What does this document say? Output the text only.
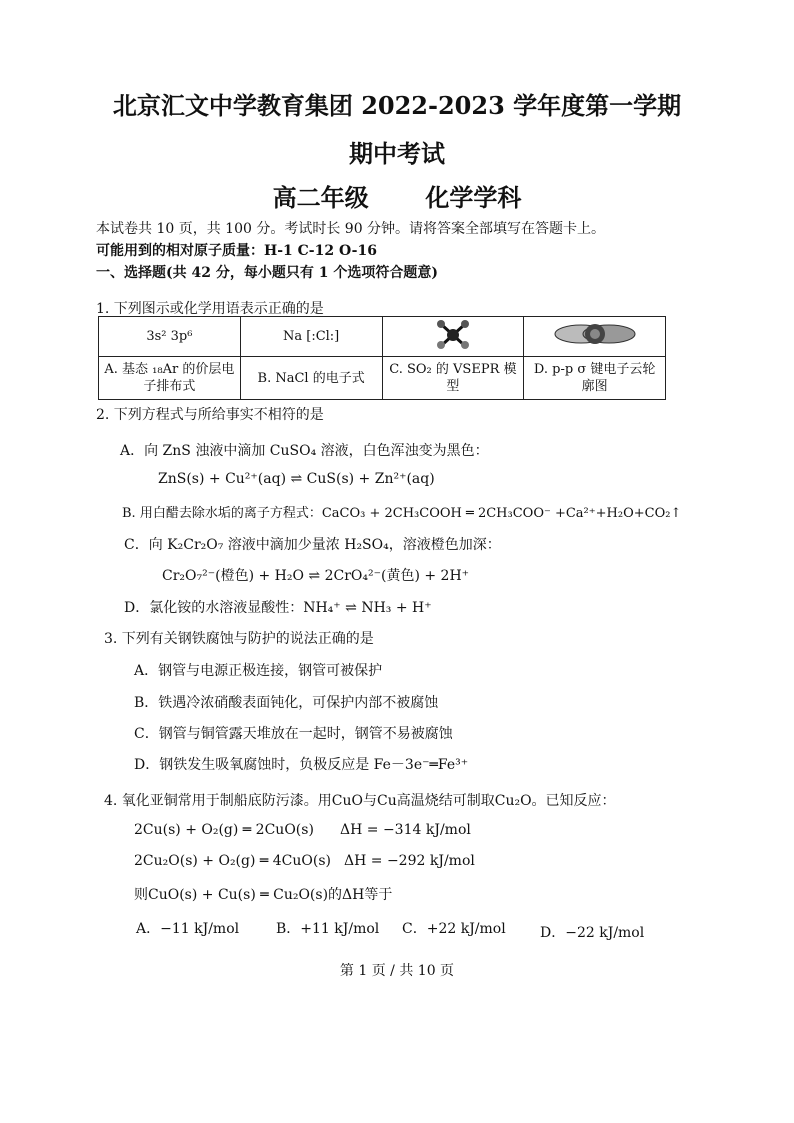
北京汇文中学教育集团 2022-2023 学年度第一学期
期中考试
高二年级 化学学科
本试卷共 10 页，共 100 分。考试时长 90 分钟。请将答案全部填写在答题卡上。
可能用到的相对原子质量：H-1 C-12 O-16
一、选择题(共 42 分，每小题只有 1 个选项符合题意)
1. 下列图示或化学用语表示正确的是
3s² 3p⁶	Na [:Cl:]		
A. 基态 ₁₈Ar 的价层电子排布式	B. NaCl 的电子式	C. SO₂ 的 VSEPR 模型	D. p-p σ 键电子云轮廓图
2. 下列方程式与所给事实不相符的是
A．向 ZnS 浊液中滴加 CuSO₄ 溶液，白色浑浊变为黑色：
ZnS(s) + Cu²⁺(aq) ⇌ CuS(s) + Zn²⁺(aq)
B. 用白醋去除水垢的离子方程式：CaCO₃ + 2CH₃COOH ═ 2CH₃COO⁻ +Ca²⁺+H₂O+CO₂↑
C．向 K₂Cr₂O₇ 溶液中滴加少量浓 H₂SO₄，溶液橙色加深：
Cr₂O₇²⁻(橙色) + H₂O ⇌ 2CrO₄²⁻(黄色) + 2H⁺
D．氯化铵的水溶液显酸性：NH₄⁺ ⇌ NH₃ + H⁺
3. 下列有关钢铁腐蚀与防护的说法正确的是
A．钢管与电源正极连接，钢管可被保护
B．铁遇冷浓硝酸表面钝化，可保护内部不被腐蚀
C．钢管与铜管露天堆放在一起时，钢管不易被腐蚀
D．钢铁发生吸氧腐蚀时，负极反应是 Fe－3e⁻═Fe³⁺
4. 氧化亚铜常用于制船底防污漆。用CuO与Cu高温烧结可制取Cu₂O。已知反应：
2Cu(s) + O₂(g) ═ 2CuO(s) ΔH = −314 kJ/mol
2Cu₂O(s) + O₂(g) ═ 4CuO(s) ΔH = −292 kJ/mol
则CuO(s) + Cu(s) ═ Cu₂O(s)的ΔH等于
A．−11 kJ/mol	B．+11 kJ/mol C．+22 kJ/mol D．−22 kJ/mol
第 1 页 / 共 10 页
